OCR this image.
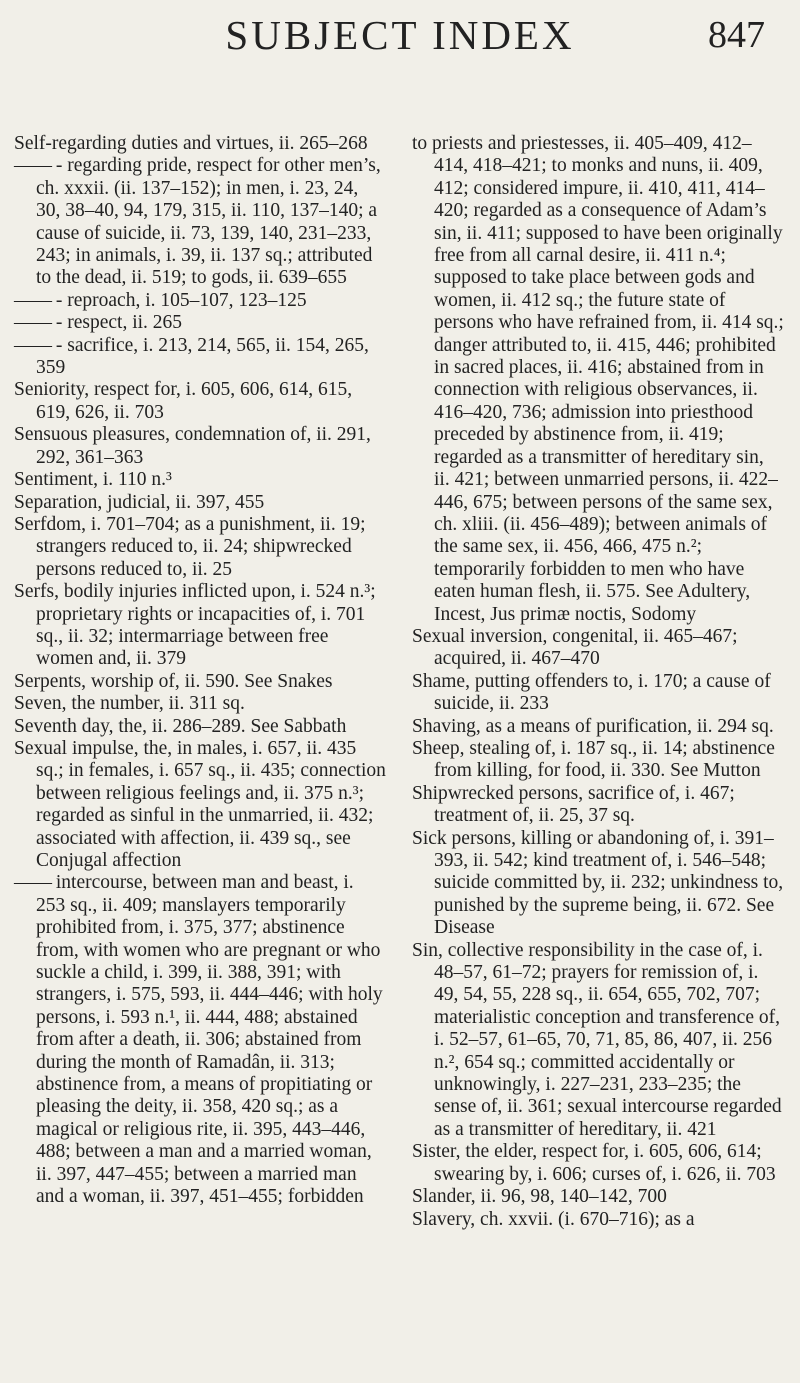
SUBJECT INDEX	847
Self-regarding duties and virtues, ii. 265–268
—— - regarding pride, respect for other men’s, ch. xxxii. (ii. 137–152); in men, i. 23, 24, 30, 38–40, 94, 179, 315, ii. 110, 137–140; a cause of suicide, ii. 73, 139, 140, 231–233, 243; in animals, i. 39, ii. 137 sq.; attributed to the dead, ii. 519; to gods, ii. 639–655
—— - reproach, i. 105–107, 123–125
—— - respect, ii. 265
—— - sacrifice, i. 213, 214, 565, ii. 154, 265, 359
Seniority, respect for, i. 605, 606, 614, 615, 619, 626, ii. 703
Sensuous pleasures, condemnation of, ii. 291, 292, 361–363
Sentiment, i. 110 n.³
Separation, judicial, ii. 397, 455
Serfdom, i. 701–704; as a punishment, ii. 19; strangers reduced to, ii. 24; shipwrecked persons reduced to, ii. 25
Serfs, bodily injuries inflicted upon, i. 524 n.³; proprietary rights or incapacities of, i. 701 sq., ii. 32; intermarriage between free women and, ii. 379
Serpents, worship of, ii. 590. See Snakes
Seven, the number, ii. 311 sq.
Seventh day, the, ii. 286–289. See Sabbath
Sexual impulse, the, in males, i. 657, ii. 435 sq.; in females, i. 657 sq., ii. 435; connection between religious feelings and, ii. 375 n.³; regarded as sinful in the unmarried, ii. 432; associated with affection, ii. 439 sq., see Conjugal affection
—— intercourse, between man and beast, i. 253 sq., ii. 409; manslayers temporarily prohibited from, i. 375, 377; abstinence from, with women who are pregnant or who suckle a child, i. 399, ii. 388, 391; with strangers, i. 575, 593, ii. 444–446; with holy persons, i. 593 n.¹, ii. 444, 488; abstained from after a death, ii. 306; abstained from during the month of Ramadân, ii. 313; abstinence from, a means of propitiating or pleasing the deity, ii. 358, 420 sq.; as a magical or religious rite, ii. 395, 443–446, 488; between a man and a married woman, ii. 397, 447–455; between a married man and a woman, ii. 397, 451–455; forbidden
to priests and priestesses, ii. 405–409, 412–414, 418–421; to monks and nuns, ii. 409, 412; considered impure, ii. 410, 411, 414–420; regarded as a consequence of Adam’s sin, ii. 411; supposed to have been originally free from all carnal desire, ii. 411 n.⁴; supposed to take place between gods and women, ii. 412 sq.; the future state of persons who have refrained from, ii. 414 sq.; danger attributed to, ii. 415, 446; prohibited in sacred places, ii. 416; abstained from in connection with religious observances, ii. 416–420, 736; admission into priesthood preceded by abstinence from, ii. 419; regarded as a transmitter of hereditary sin, ii. 421; between unmarried persons, ii. 422–446, 675; between persons of the same sex, ch. xliii. (ii. 456–489); between animals of the same sex, ii. 456, 466, 475 n.²; temporarily forbidden to men who have eaten human flesh, ii. 575. See Adultery, Incest, Jus primæ noctis, Sodomy
Sexual inversion, congenital, ii. 465–467; acquired, ii. 467–470
Shame, putting offenders to, i. 170; a cause of suicide, ii. 233
Shaving, as a means of purification, ii. 294 sq.
Sheep, stealing of, i. 187 sq., ii. 14; abstinence from killing, for food, ii. 330. See Mutton
Shipwrecked persons, sacrifice of, i. 467; treatment of, ii. 25, 37 sq.
Sick persons, killing or abandoning of, i. 391–393, ii. 542; kind treatment of, i. 546–548; suicide committed by, ii. 232; unkindness to, punished by the supreme being, ii. 672. See Disease
Sin, collective responsibility in the case of, i. 48–57, 61–72; prayers for remission of, i. 49, 54, 55, 228 sq., ii. 654, 655, 702, 707; materialistic conception and transference of, i. 52–57, 61–65, 70, 71, 85, 86, 407, ii. 256 n.², 654 sq.; committed accidentally or unknowingly, i. 227–231, 233–235; the sense of, ii. 361; sexual intercourse regarded as a transmitter of hereditary, ii. 421
Sister, the elder, respect for, i. 605, 606, 614; swearing by, i. 606; curses of, i. 626, ii. 703
Slander, ii. 96, 98, 140–142, 700
Slavery, ch. xxvii. (i. 670–716); as a
